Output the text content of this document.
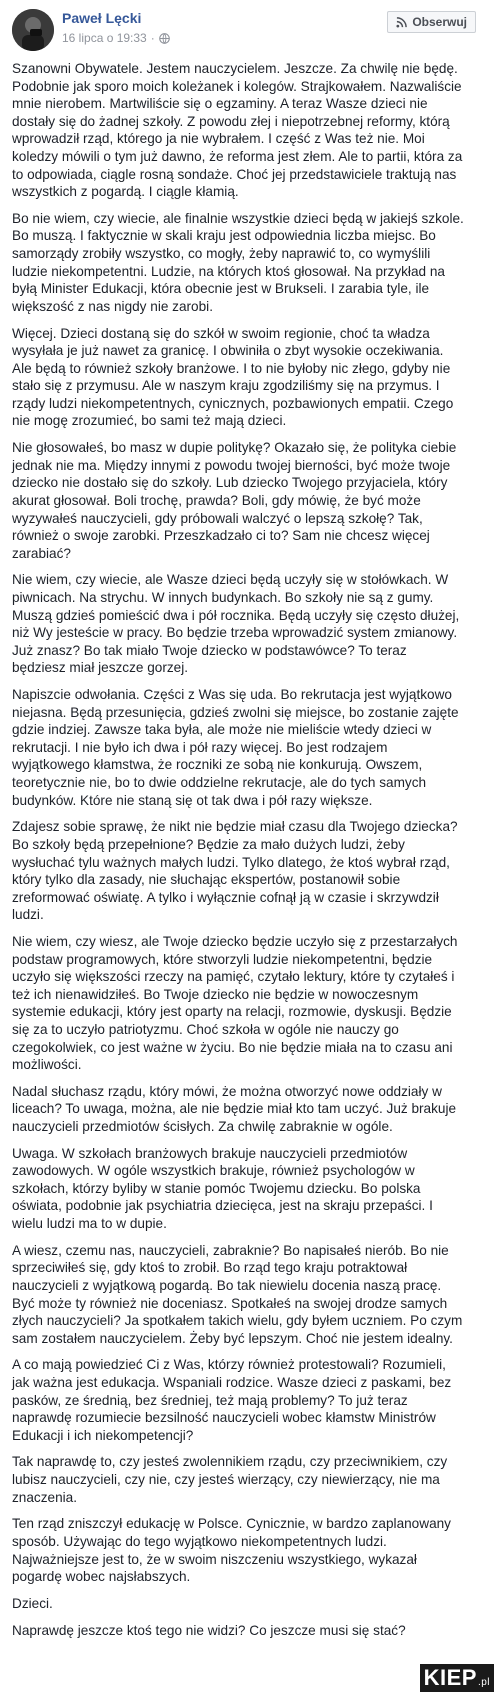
Paweł Lęcki
16 lipca o 19:33 ·
Obserwuj

Szanowni Obywatele. Jestem nauczycielem. Jeszcze. Za chwilę nie będę. Podobnie jak sporo moich koleżanek i kolegów. Strajkowałem. Nazwaliście mnie nierobem. Martwiliście się o egzaminy. A teraz Wasze dzieci nie dostały się do żadnej szkoły. Z powodu złej i niepotrzebnej reformy, którą wprowadził rząd, którego ja nie wybrałem. I część z Was też nie. Moi koledzy mówili o tym już dawno, że reforma jest złem. Ale to partii, która za to odpowiada, ciągle rosną sondaże. Choć jej przedstawiciele traktują nas wszystkich z pogardą. I ciągle kłamią.

Bo nie wiem, czy wiecie, ale finalnie wszystkie dzieci będą w jakiejś szkole. Bo muszą. I faktycznie w skali kraju jest odpowiednia liczba miejsc. Bo samorządy zrobiły wszystko, co mogły, żeby naprawić to, co wymyślili ludzie niekompetentni. Ludzie, na których ktoś głosował. Na przykład na byłą Minister Edukacji, która obecnie jest w Brukseli. I zarabia tyle, ile większość z nas nigdy nie zarobi.

Więcej. Dzieci dostaną się do szkół w swoim regionie, choć ta władza wysyłała je już nawet za granicę. I obwiniła o zbyt wysokie oczekiwania. Ale będą to również szkoły branżowe. I to nie byłoby nic złego, gdyby nie stało się z przymusu. Ale w naszym kraju zgodziliśmy się na przymus. I rządy ludzi niekompetentnych, cynicznych, pozbawionych empatii. Czego nie mogę zrozumieć, bo sami też mają dzieci.

Nie głosowałeś, bo masz w dupie politykę? Okazało się, że polityka ciebie jednak nie ma. Między innymi z powodu twojej bierności, być może twoje dziecko nie dostało się do szkoły. Lub dziecko Twojego przyjaciela, który akurat głosował. Boli trochę, prawda? Boli, gdy mówię, że być może wyzywałeś nauczycieli, gdy próbowali walczyć o lepszą szkołę? Tak, również o swoje zarobki. Przeszkadzało ci to? Sam nie chcesz więcej zarabiać?

Nie wiem, czy wiecie, ale Wasze dzieci będą uczyły się w stołówkach. W piwnicach. Na strychu. W innych budynkach. Bo szkoły nie są z gumy. Muszą gdzieś pomieścić dwa i pół rocznika. Będą uczyły się często dłużej, niż Wy jesteście w pracy. Bo będzie trzeba wprowadzić system zmianowy. Już znasz? Bo tak miało Twoje dziecko w podstawówce? To teraz będziesz miał jeszcze gorzej.

Napiszcie odwołania. Części z Was się uda. Bo rekrutacja jest wyjątkowo niejasna. Będą przesunięcia, gdzieś zwolni się miejsce, bo zostanie zajęte gdzie indziej. Zawsze taka była, ale może nie mieliście wtedy dzieci w rekrutacji. I nie było ich dwa i pół razy więcej. Bo jest rodzajem wyjątkowego kłamstwa, że roczniki ze sobą nie konkurują. Owszem, teoretycznie nie, bo to dwie oddzielne rekrutacje, ale do tych samych budynków. Które nie staną się ot tak dwa i pół razy większe.

Zdajesz sobie sprawę, że nikt nie będzie miał czasu dla Twojego dziecka? Bo szkoły będą przepełnione? Będzie za mało dużych ludzi, żeby wysłuchać tylu ważnych małych ludzi. Tylko dlatego, że ktoś wybrał rząd, który tylko dla zasady, nie słuchając ekspertów, postanowił sobie zreformować oświatę. A tylko i wyłącznie cofnął ją w czasie i skrzywdził ludzi.

Nie wiem, czy wiesz, ale Twoje dziecko będzie uczyło się z przestarzałych podstaw programowych, które stworzyli ludzie niekompetentni, będzie uczyło się większości rzeczy na pamięć, czytało lektury, które ty czytałeś i też ich nienawidziłeś. Bo Twoje dziecko nie będzie w nowoczesnym systemie edukacji, który jest oparty na relacji, rozmowie, dyskusji. Będzie się za to uczyło patriotyzmu. Choć szkoła w ogóle nie nauczy go czegokolwiek, co jest ważne w życiu. Bo nie będzie miała na to czasu ani możliwości.

Nadal słuchasz rządu, który mówi, że można otworzyć nowe oddziały w liceach? To uwaga, można, ale nie będzie miał kto tam uczyć. Już brakuje nauczycieli przedmiotów ścisłych. Za chwilę zabraknie w ogóle.

Uwaga. W szkołach branżowych brakuje nauczycieli przedmiotów zawodowych. W ogóle wszystkich brakuje, również psychologów w szkołach, którzy byliby w stanie pomóc Twojemu dziecku. Bo polska oświata, podobnie jak psychiatria dziecięca, jest na skraju przepaści. I wielu ludzi ma to w dupie.

A wiesz, czemu nas, nauczycieli, zabraknie? Bo napisałeś nierób. Bo nie sprzeciwiłeś się, gdy ktoś to zrobił. Bo rząd tego kraju potraktował nauczycieli z wyjątkową pogardą. Bo tak niewielu docenia naszą pracę. Być może ty również nie doceniasz. Spotkałeś na swojej drodze samych złych nauczycieli? Ja spotkałem takich wielu, gdy byłem uczniem. Po czym sam zostałem nauczycielem. Żeby być lepszym. Choć nie jestem idealny.

A co mają powiedzieć Ci z Was, którzy również protestowali? Rozumieli, jak ważna jest edukacja. Wspaniali rodzice. Wasze dzieci z paskami, bez pasków, ze średnią, bez średniej, też mają problemy? To już teraz naprawdę rozumiecie bezsilność nauczycieli wobec kłamstw Ministrów Edukacji i ich niekompetencji?

Tak naprawdę to, czy jesteś zwolennikiem rządu, czy przeciwnikiem, czy lubisz nauczycieli, czy nie, czy jesteś wierzący, czy niewierzący, nie ma znaczenia.

Ten rząd zniszczył edukację w Polsce. Cynicznie, w bardzo zaplanowany sposób. Używając do tego wyjątkowo niekompetentnych ludzi. Najważniejsze jest to, że w swoim niszczeniu wszystkiego, wykazał pogardę wobec najsłabszych.

Dzieci.

Naprawdę jeszcze ktoś tego nie widzi? Co jeszcze musi się stać?

KIEP .pl
